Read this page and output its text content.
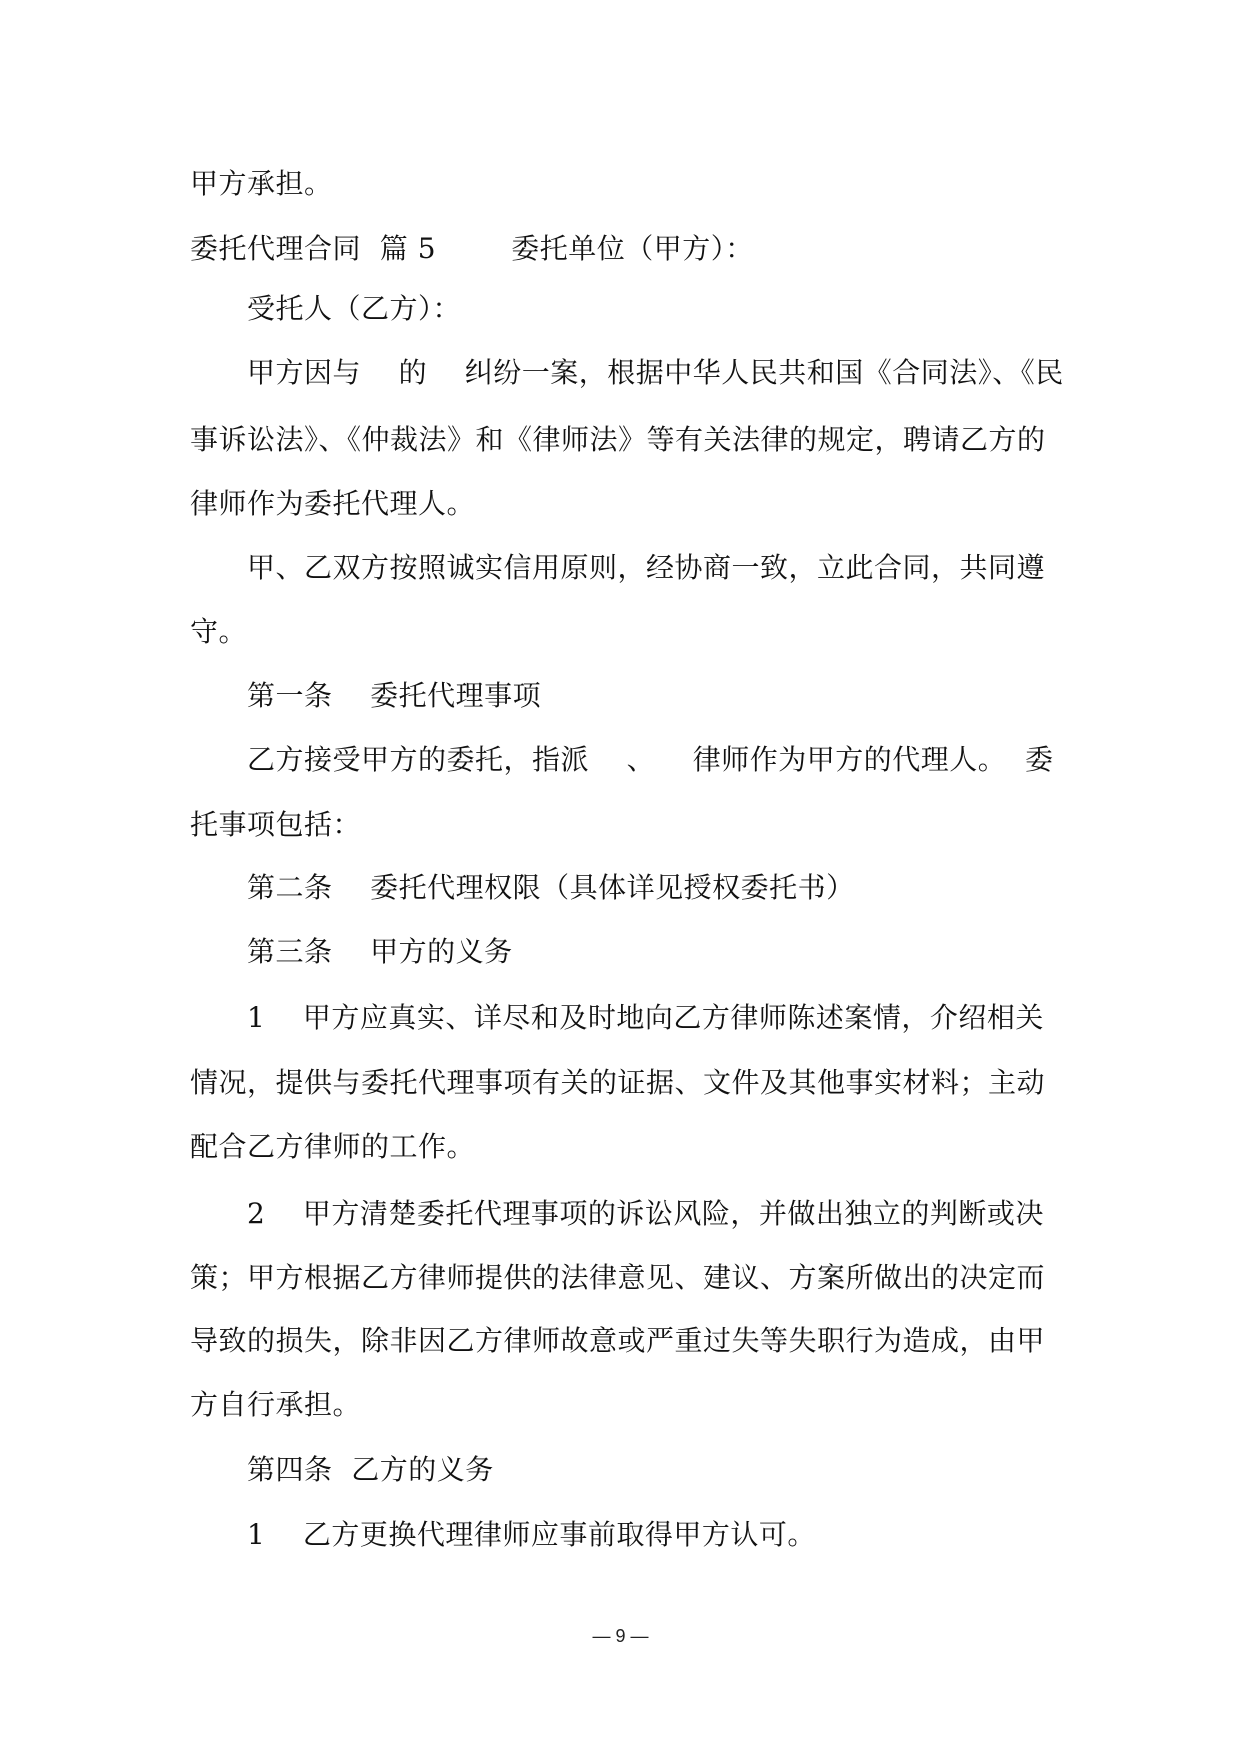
甲方承担。
委托代理合同  篇 5        委托单位（甲方）：
受托人（乙方）：
甲方因与    的    纠纷一案，根据中华人民共和国《合同法》、《民
事诉讼法》、《仲裁法》和《律师法》等有关法律的规定，聘请乙方的
律师作为委托代理人。
甲、乙双方按照诚实信用原则，经协商一致，立此合同，共同遵
守。
第一条    委托代理事项
乙方接受甲方的委托，指派    、    律师作为甲方的代理人。  委
托事项包括：
第二条    委托代理权限（具体详见授权委托书）
第三条    甲方的义务
1    甲方应真实、详尽和及时地向乙方律师陈述案情，介绍相关
情况，提供与委托代理事项有关的证据、文件及其他事实材料；主动
配合乙方律师的工作。
2    甲方清楚委托代理事项的诉讼风险，并做出独立的判断或决
策；甲方根据乙方律师提供的法律意见、建议、方案所做出的决定而
导致的损失，除非因乙方律师故意或严重过失等失职行为造成，由甲
方自行承担。
第四条  乙方的义务
1    乙方更换代理律师应事前取得甲方认可。
— 9 —
